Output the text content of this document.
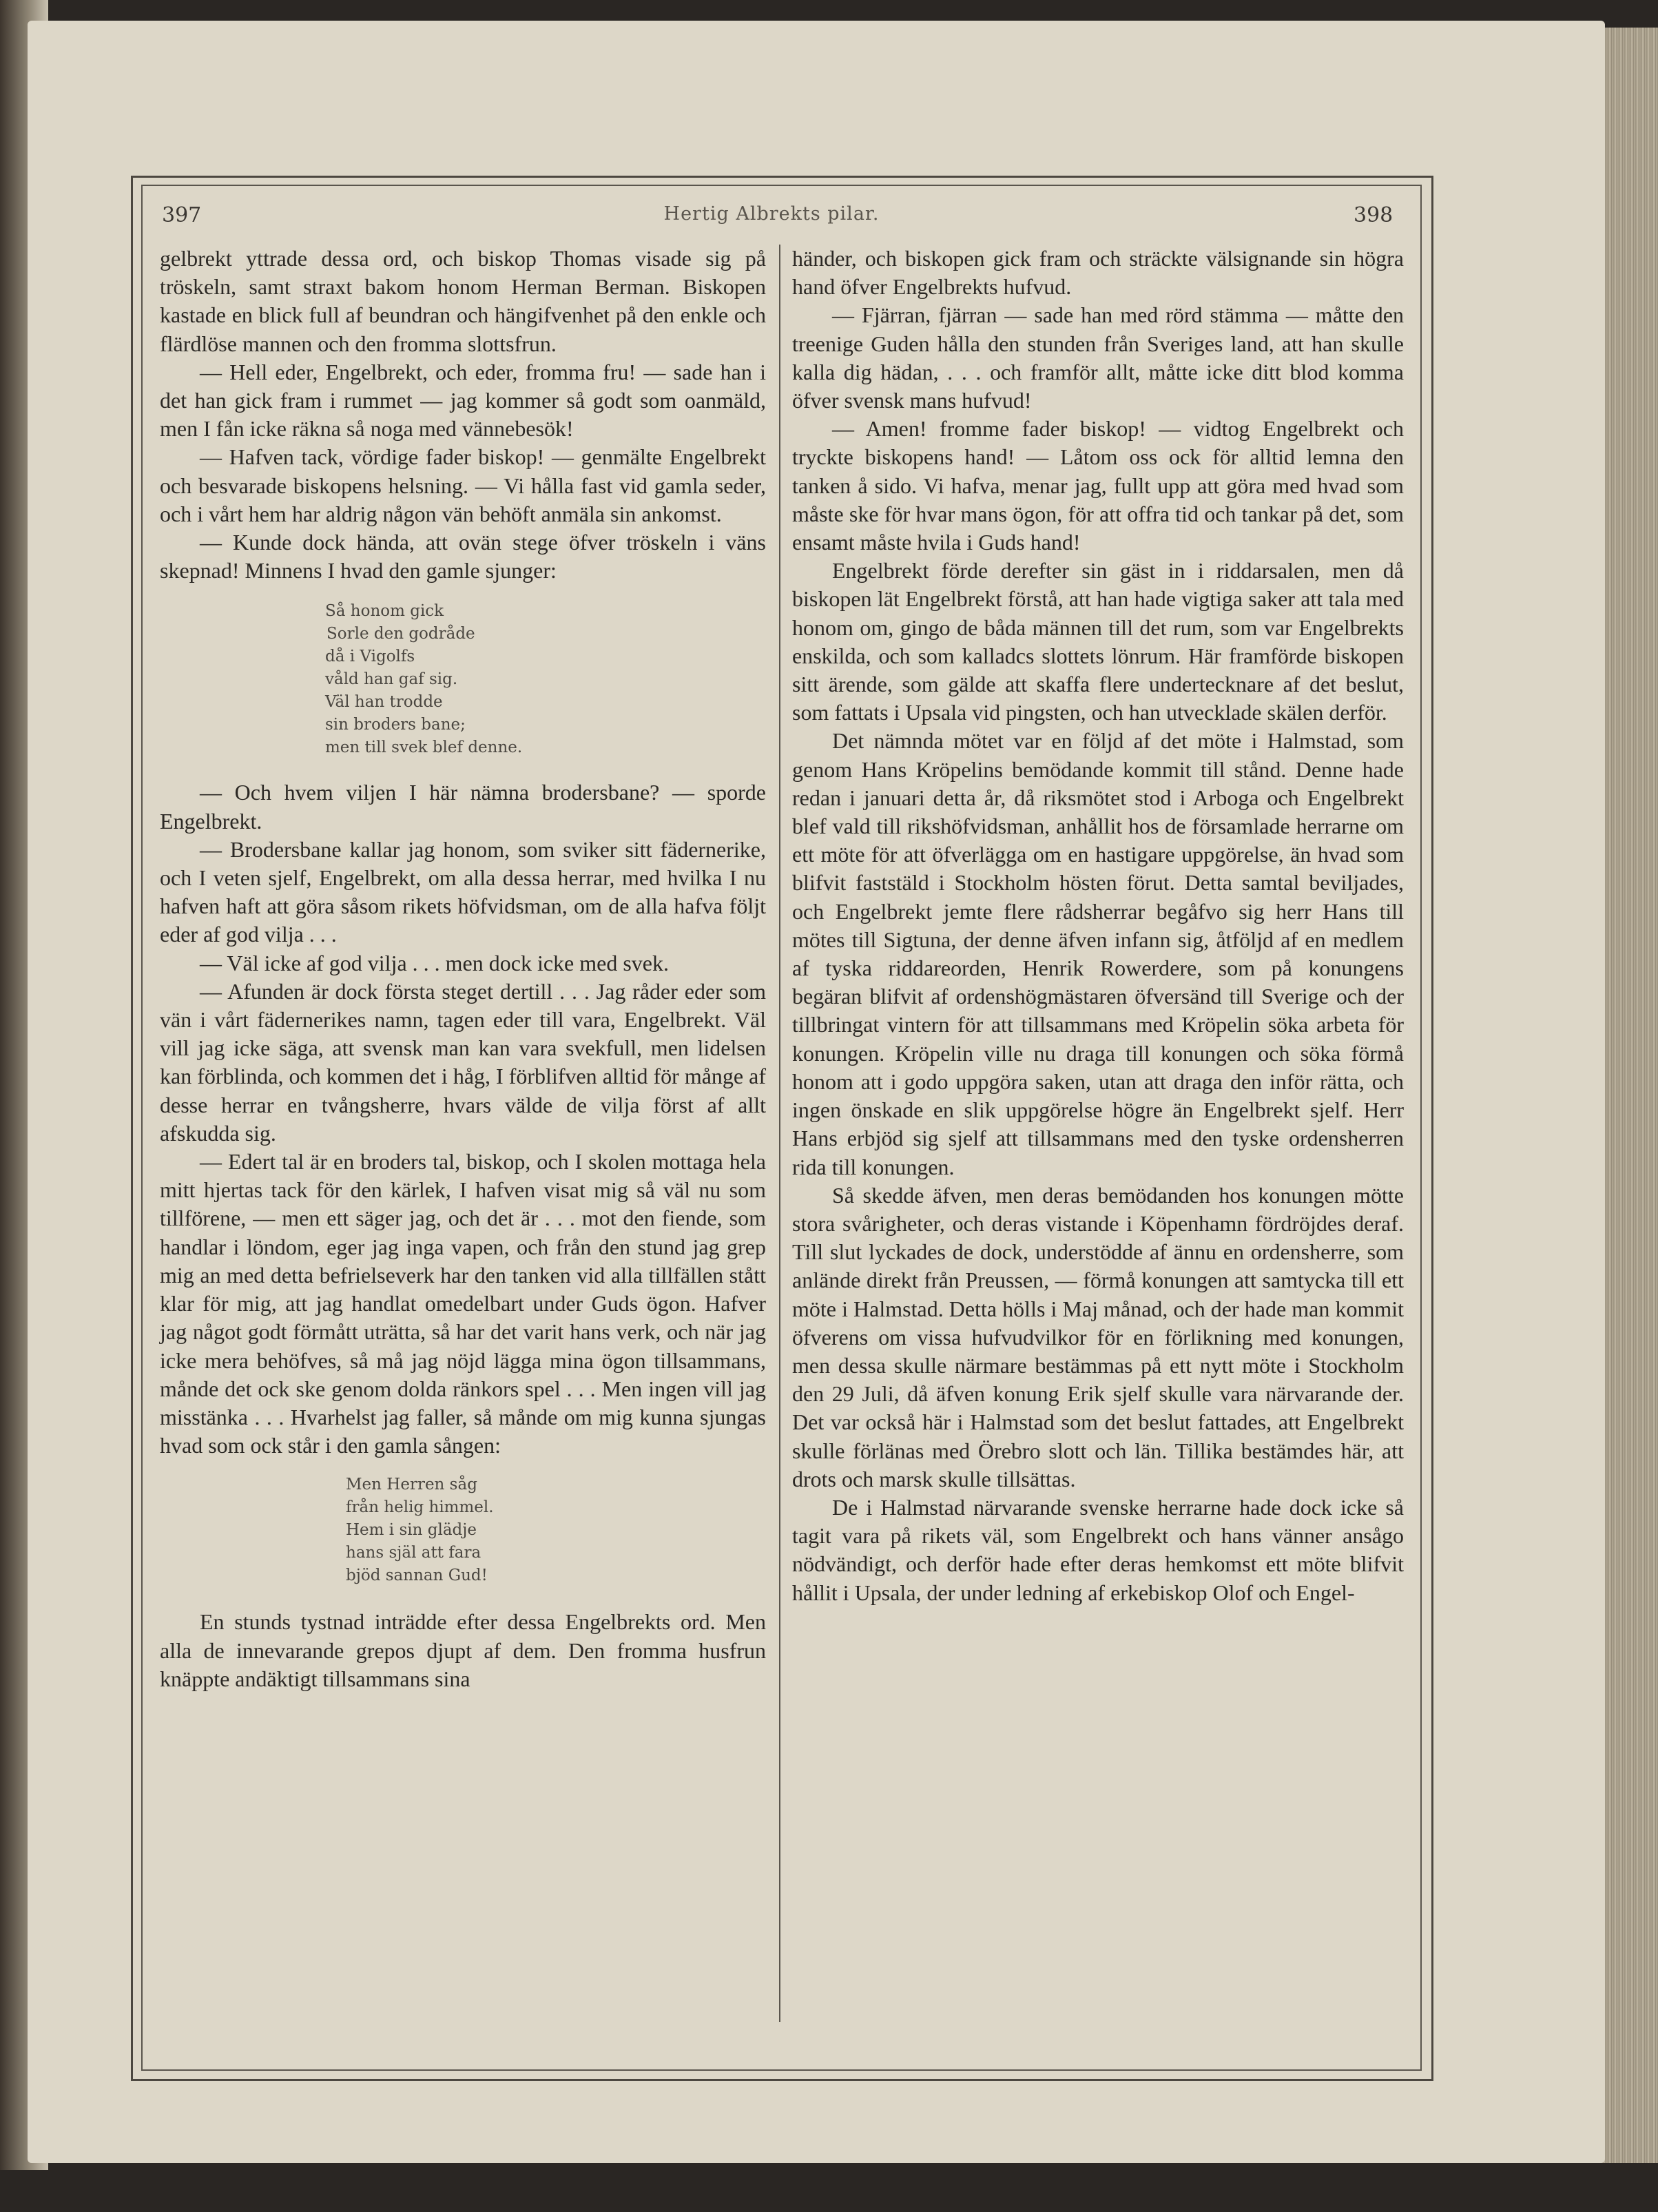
397	Hertig Albrekts pilar.	398

gelbrekt yttrade dessa ord, och biskop Thomas visade sig på tröskeln, samt straxt bakom honom Herman Berman. Biskopen kastade en blick full af beundran och hängifvenhet på den enkle och flärdlöse mannen och den fromma slottsfrun.

— Hell eder, Engelbrekt, och eder, fromma fru! — sade han i det han gick fram i rummet — jag kommer så godt som oanmäld, men I fån icke räkna så noga med vännebesök!

— Hafven tack, vördige fader biskop! — genmälte Engelbrekt och besvarade biskopens helsning. — Vi hålla fast vid gamla seder, och i vårt hem har aldrig någon vän behöft anmäla sin ankomst.

— Kunde dock hända, att ovän stege öfver tröskeln i väns skepnad! Minnens I hvad den gamle sjunger:

Så honom gick
Sorle den godråde
då i Vigolfs
våld han gaf sig.
Väl han trodde
sin broders bane;
men till svek blef denne.

— Och hvem viljen I här nämna brodersbane? — sporde Engelbrekt.

— Brodersbane kallar jag honom, som sviker sitt fädernerike, och I veten sjelf, Engelbrekt, om alla dessa herrar, med hvilka I nu hafven haft att göra såsom rikets höfvidsman, om de alla hafva följt eder af god vilja . . .

— Väl icke af god vilja . . . men dock icke med svek.

— Afunden är dock första steget dertill . . . Jag råder eder som vän i vårt fädernerikes namn, tagen eder till vara, Engelbrekt. Väl vill jag icke säga, att svensk man kan vara svekfull, men lidelsen kan förblinda, och kommen det i håg, I förblifven alltid för månge af desse herrar en tvångsherre, hvars välde de vilja först af allt afskudda sig.

— Edert tal är en broders tal, biskop, och I skolen mottaga hela mitt hjertas tack för den kärlek, I hafven visat mig så väl nu som tillförene, — men ett säger jag, och det är . . . mot den fiende, som handlar i löndom, eger jag inga vapen, och från den stund jag grep mig an med detta befrielseverk har den tanken vid alla tillfällen stått klar för mig, att jag handlat omedelbart under Guds ögon. Hafver jag något godt förmått uträtta, så har det varit hans verk, och när jag icke mera behöfves, så må jag nöjd lägga mina ögon tillsammans, månde det ock ske genom dolda ränkors spel . . . Men ingen vill jag misstänka . . . Hvarhelst jag faller, så månde om mig kunna sjungas hvad som ock står i den gamla sången:

Men Herren såg
från helig himmel.
Hem i sin glädje
hans själ att fara
bjöd sannan Gud!

En stunds tystnad inträdde efter dessa Engelbrekts ord. Men alla de innevarande grepos djupt af dem. Den fromma husfrun knäppte andäktigt tillsammans sina

händer, och biskopen gick fram och sträckte välsignande sin högra hand öfver Engelbrekts hufvud.

— Fjärran, fjärran — sade han med rörd stämma — måtte den treenige Guden hålla den stunden från Sveriges land, att han skulle kalla dig hädan, . . . och framför allt, måtte icke ditt blod komma öfver svensk mans hufvud!

— Amen! fromme fader biskop! — vidtog Engelbrekt och tryckte biskopens hand! — Låtom oss ock för alltid lemna den tanken å sido. Vi hafva, menar jag, fullt upp att göra med hvad som måste ske för hvar mans ögon, för att offra tid och tankar på det, som ensamt måste hvila i Guds hand!

Engelbrekt förde derefter sin gäst in i riddarsalen, men då biskopen lät Engelbrekt förstå, att han hade vigtiga saker att tala med honom om, gingo de båda männen till det rum, som var Engelbrekts enskilda, och som kalladcs slottets lönrum. Här framförde biskopen sitt ärende, som gälde att skaffa flere undertecknare af det beslut, som fattats i Upsala vid pingsten, och han utvecklade skälen derför.

Det nämnda mötet var en följd af det möte i Halmstad, som genom Hans Kröpelins bemödande kommit till stånd. Denne hade redan i januari detta år, då riksmötet stod i Arboga och Engelbrekt blef vald till rikshöfvidsman, anhållit hos de församlade herrarne om ett möte för att öfverlägga om en hastigare uppgörelse, än hvad som blifvit faststäld i Stockholm hösten förut. Detta samtal beviljades, och Engelbrekt jemte flere rådsherrar begåfvo sig herr Hans till mötes till Sigtuna, der denne äfven infann sig, åtföljd af en medlem af tyska riddareorden, Henrik Rowerdere, som på konungens begäran blifvit af ordenshögmästaren öfversänd till Sverige och der tillbringat vintern för att tillsammans med Kröpelin söka arbeta för konungen. Kröpelin ville nu draga till konungen och söka förmå honom att i godo uppgöra saken, utan att draga den inför rätta, och ingen önskade en slik uppgörelse högre än Engelbrekt sjelf. Herr Hans erbjöd sig sjelf att tillsammans med den tyske ordensherren rida till konungen.

Så skedde äfven, men deras bemödanden hos konungen mötte stora svårigheter, och deras vistande i Köpenhamn fördröjdes deraf. Till slut lyckades de dock, understödde af ännu en ordensherre, som anlände direkt från Preussen, — förmå konungen att samtycka till ett möte i Halmstad. Detta hölls i Maj månad, och der hade man kommit öfverens om vissa hufvudvilkor för en förlikning med konungen, men dessa skulle närmare bestämmas på ett nytt möte i Stockholm den 29 Juli, då äfven konung Erik sjelf skulle vara närvarande der. Det var också här i Halmstad som det beslut fattades, att Engelbrekt skulle förlänas med Örebro slott och län. Tillika bestämdes här, att drots och marsk skulle tillsättas.

De i Halmstad närvarande svenske herrarne hade dock icke så tagit vara på rikets väl, som Engelbrekt och hans vänner ansågo nödvändigt, och derför hade efter deras hemkomst ett möte blifvit hållit i Upsala, der under ledning af erkebiskop Olof och Engel-
